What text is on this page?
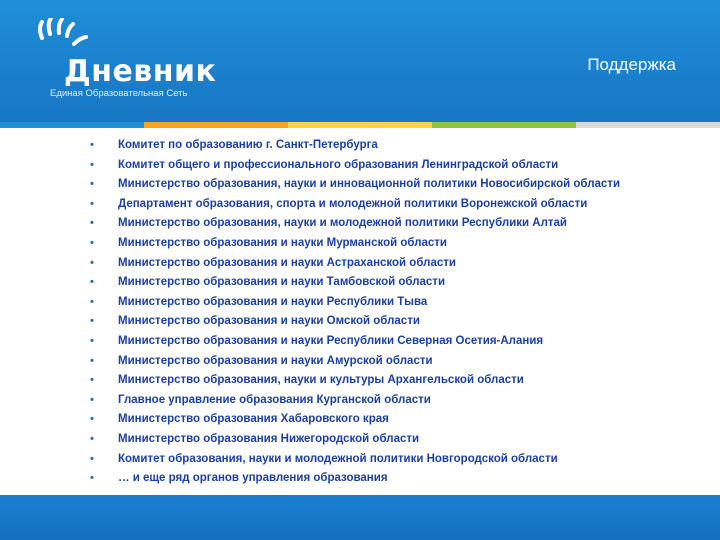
Дневник
Единая Образовательная Сеть
Поддержка
• Комитет по образованию г. Санкт-Петербурга
• Комитет общего и профессионального образования Ленинградской области
• Министерство образования, науки и инновационной политики Новосибирской области
• Департамент образования, спорта и молодежной политики Воронежской области
• Министерство образования, науки и молодежной политики Республики Алтай
• Министерство образования и науки Мурманской области
• Министерство образования и науки Астраханской области
• Министерство образования и науки Тамбовской области
• Министерство образования и науки Республики Тыва
• Министерство образования и науки Омской области
• Министерство образования и науки Республики Северная Осетия-Алания
• Министерство образования и науки Амурской области
• Министерство образования, науки и культуры Архангельской области
• Главное управление образования Курганской области
• Министерство образования Хабаровского края
• Министерство образования Нижегородской области
• Комитет образования, науки и молодежной политики Новгородской области
• … и еще ряд органов управления образования
